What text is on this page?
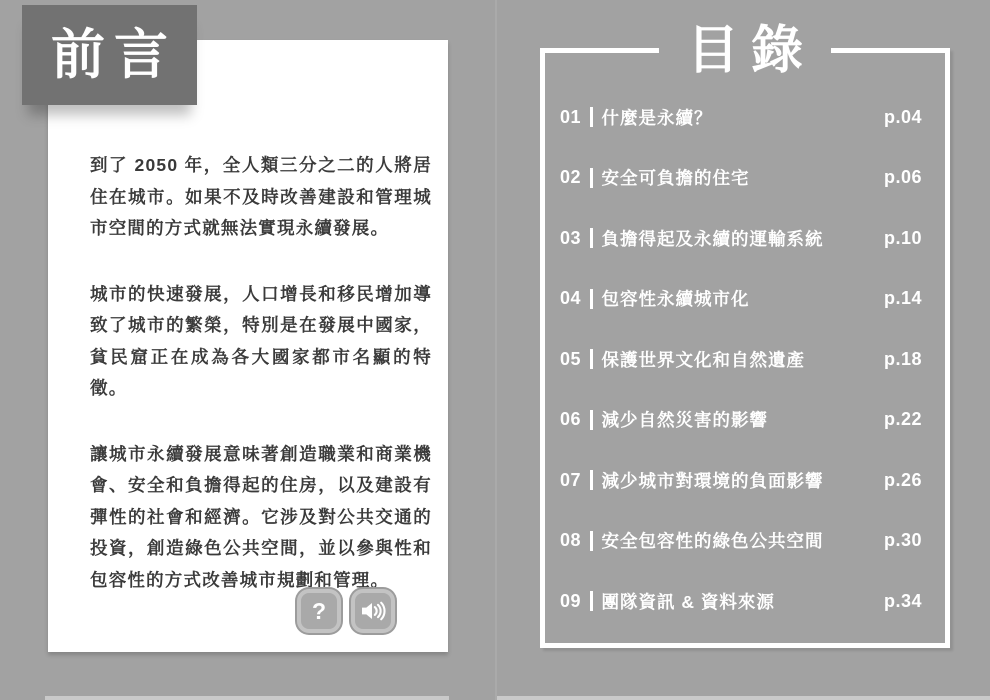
到了 2050 年，全人類三分之二的人將居住在城市。如果不及時改善建設和管理城市空間的方式就無法實現永續發展。

城市的快速發展，人口增長和移民增加導致了城市的繁榮，特別是在發展中國家，貧民窟正在成為各大國家都市名顯的特徵。

讓城市永續發展意味著創造職業和商業機會、安全和負擔得起的住房，以及建設有彈性的社會和經濟。它涉及對公共交通的投資，創造綠色公共空間，並以參與性和包容性的方式改善城市規劃和管理。

?
前言	目錄
01 什麼是永續？	p.04
02 安全可負擔的住宅	p.06
03 負擔得起及永續的運輸系統	p.10
04 包容性永續城市化	p.14
05 保護世界文化和自然遺產	p.18
06 減少自然災害的影響	p.22
07 減少城市對環境的負面影響	p.26
08 安全包容性的綠色公共空間	p.30
09 團隊資訊 & 資料來源	p.34
